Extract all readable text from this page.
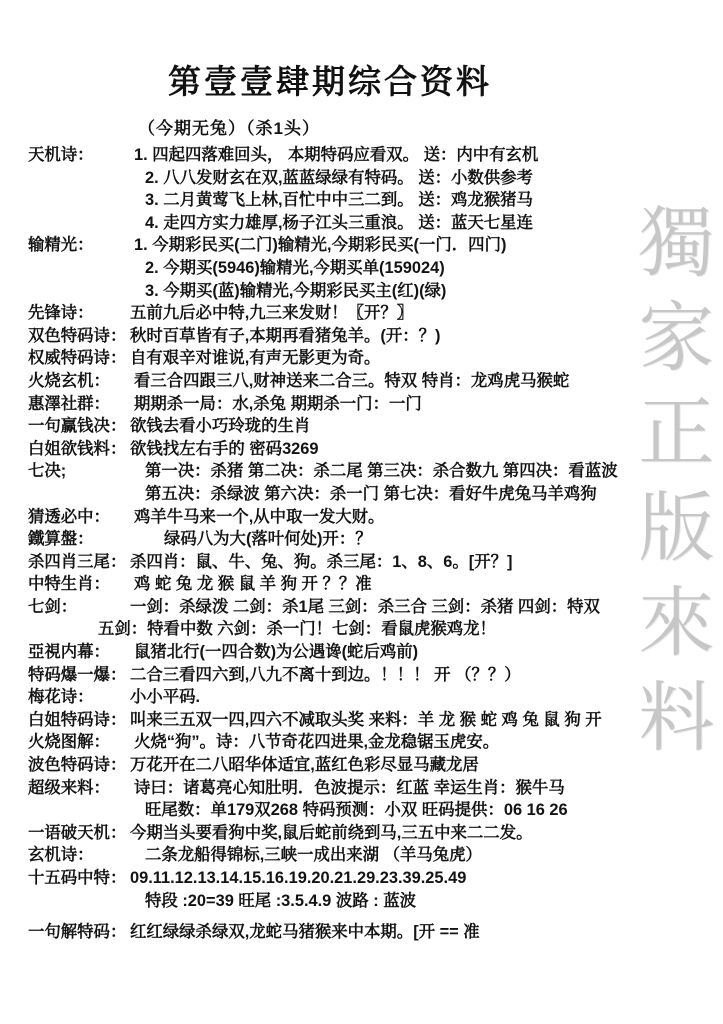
獨家正版來料
第壹壹肆期综合资料
（今期无兔）（杀1头）
天机诗：	1. 四起四落难回头， 本期特码应看双。 送：内中有玄机
2. 八八发财玄在双,蓝蓝绿绿有特码。 送：小数供参考
3. 二月黄莺飞上林,百忙中中三二到。 送：鸡龙猴猪马
4. 走四方实力雄厚,杨子江头三重浪。 送：蓝天七星连
输精光：	1. 今期彩民买(二门)输精光,今期彩民买(一门．四门)
2. 今期买(5946)输精光,今期买单(159024)
3. 今期买(蓝)输精光,今期彩民买主(红)(绿)
先锋诗：	五前九后必中特,九三来发财！〖开？〗
双色特码诗： 秋时百草皆有子,本期再看猪兔羊。(开：？)
权威特码诗： 自有艰辛对谁说,有声无影更为奇。
火烧玄机：	看三合四跟三八,财神送来二合三。特双 特肖：龙鸡虎马猴蛇
惠澤社群：	期期杀一局：水,杀兔 期期杀一门：一门
一句赢钱决： 欲钱去看小巧玲珑的生肖
白姐欲钱料： 欲钱找左右手的 密码3269
七决;	第一决：杀猪 第二决：杀二尾 第三决：杀合数九 第四决：看蓝波
第五决：杀绿波 第六决：杀一门 第七决：看好牛虎兔马羊鸡狗
猜透必中：	鸡羊牛马来一个,从中取一发大财。
鐵算盤：	绿码八为大(落叶何处)开：？
杀四肖三尾： 杀四肖：鼠、牛、兔、狗。杀三尾：1、8、6。[开？]
中特生肖：	鸡 蛇 兔 龙 猴 鼠 羊 狗 开 ？？准
七剑：	一剑：杀绿泼 二剑：杀1尾 三剑：杀三合 三剑：杀猪 四剑：特双
五剑：特看中数 六剑：杀一门！七剑：看鼠虎猴鸡龙！
亞視内幕：	鼠猪北行(一四合数)为公遇谗(蛇后鸡前)
特码爆一爆： 二合三看四六到,八九不离十到边。！！！ 开 （？？）
梅花诗：	小小平码.
白姐特码诗： 叫来三五双一四,四六不减取头奖 来料：羊 龙 猴 蛇 鸡 兔 鼠 狗 开
火烧图解：	火烧“狗”。诗：八节奇花四进果,金龙稳锯玉虎安。
波色特码诗： 万花开在二八昭华体适宜,蓝红色彩尽显马藏龙居
超级来料：	诗曰：诸葛亮心知肚明．色波提示：红蓝 幸运生肖：猴牛马
旺尾数：单179双268 特码预测：小双 旺码提供：06 16 26
一语破天机： 今期当头要看狗中奖,鼠后蛇前绕到马,三五中来二二发。
玄机诗：	二条龙船得锦标,三峡一成出来湖 （羊马兔虎）
十五码中特： 09.11.12.13.14.15.16.19.20.21.29.23.39.25.49
特段 :20=39 旺尾 :3.5.4.9 波路 : 蓝波
一句解特码： 红红绿绿杀绿双,龙蛇马猪猴来中本期。[开 == 准
